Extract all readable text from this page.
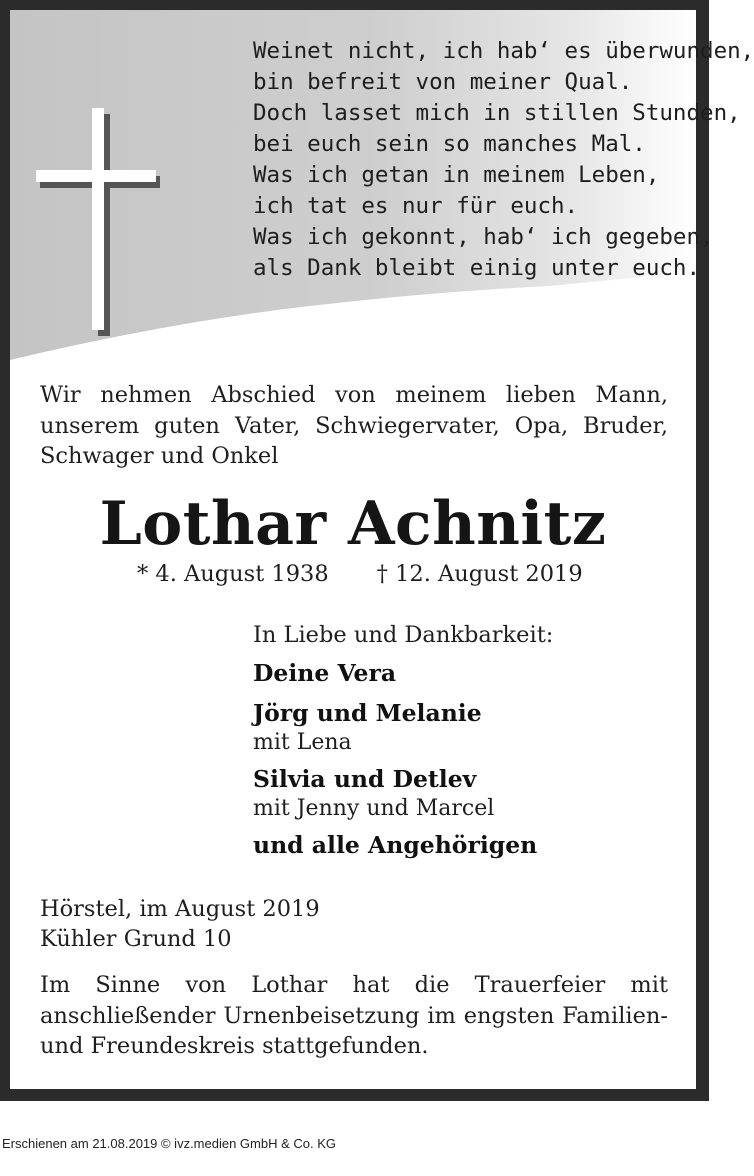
Weinet nicht, ich hab‘ es überwunden,
bin befreit von meiner Qual.
Doch lasset mich in stillen Stunden,
bei euch sein so manches Mal.
Was ich getan in meinem Leben,
ich tat es nur für euch.
Was ich gekonnt, hab‘ ich gegeben,
als Dank bleibt einig unter euch.

Wir nehmen Abschied von meinem lieben Mann, unserem guten Vater, Schwiegervater, Opa, Bruder, Schwager und Onkel

Lothar Achnitz

* 4. August 1938 † 12. August 2019

In Liebe und Dankbarkeit:
Deine Vera
Jörg und Melanie
mit Lena
Silvia und Detlev
mit Jenny und Marcel
und alle Angehörigen
Hörstel, im August 2019
Kühler Grund 10

Im Sinne von Lothar hat die Trauerfeier mit anschließender Urnenbeisetzung im engsten Familien- und Freundeskreis stattgefunden.

Erschienen am 21.08.2019 © ivz.medien GmbH & Co. KG
